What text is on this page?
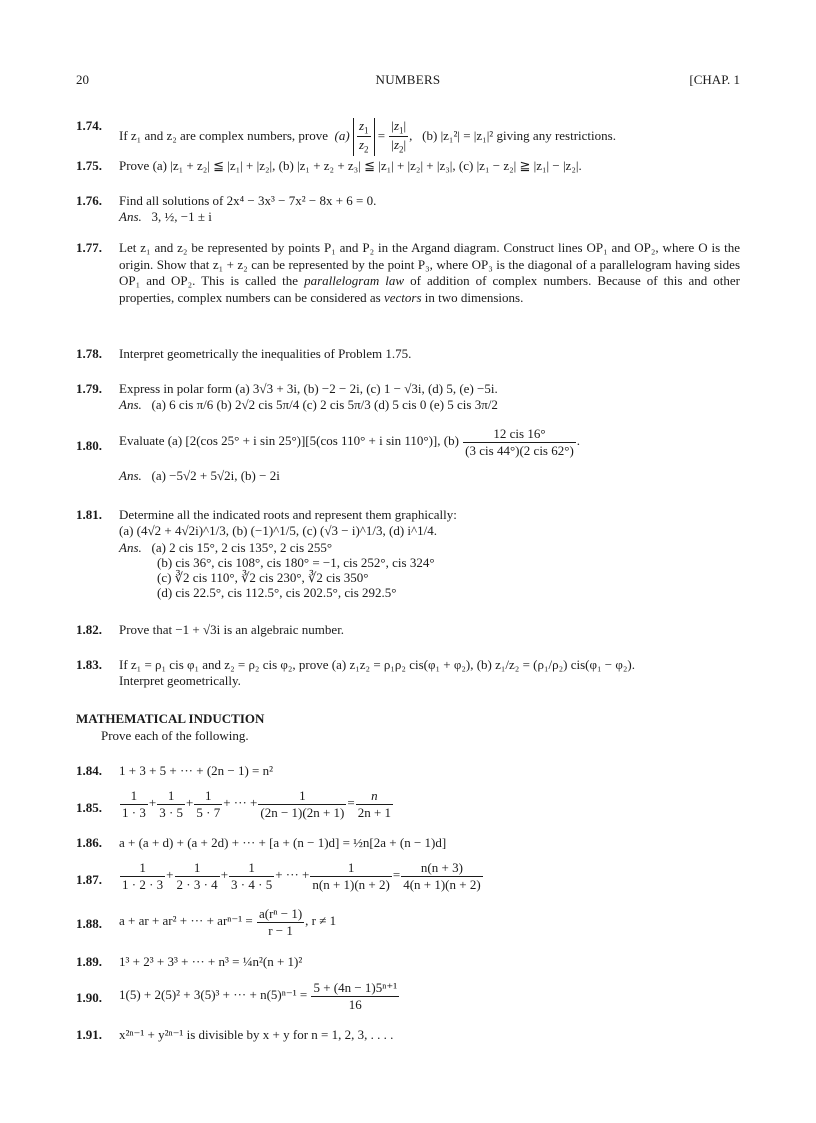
20	NUMBERS	[CHAP. 1
1.74.
If z₁ and z₂ are complex numbers, prove $(a) \frac{z_1}{z_2} = \frac{|z_1|}{|z_2|}$ ,   (b) |z₁²| = |z₁|² giving any restrictions.
1.75. Prove (a) |z₁ + z₂| ≦ |z₁| + |z₂|, (b) |z₁ + z₂ + z₃| ≦ |z₁| + |z₂| + |z₃|, (c) |z₁ − z₂| ≧ |z₁| − |z₂|.
1.76. Find all solutions of 2x⁴ − 3x³ − 7x² − 8x + 6 = 0.
Ans. 3, ½, −1 ± i
1.77. Let z₁ and z₂ be represented by points P₁ and P₂ in the Argand diagram. Construct lines OP₁ and OP₂, where O is the origin. Show that z₁ + z₂ can be represented by the point P₃, where OP₃ is the diagonal of a parallelogram having sides OP₁ and OP₂. This is called the parallelogram law of addition of complex numbers. Because of this and other properties, complex numbers can be considered as vectors in two dimensions.
1.78. Interpret geometrically the inequalities of Problem 1.75.
1.79. Express in polar form (a) 3√3 + 3i, (b) −2 − 2i, (c) 1 − √3i, (d) 5, (e) −5i.
Ans. (a) 6 cis π/6 (b) 2√2 cis 5π/4 (c) 2 cis 5π/3 (d) 5 cis 0 (e) 5 cis 3π/2
1.80. Evaluate (a) [2(cos 25° + i sin 25°)][5(cos 110° + i sin 110°)], $(b) \frac{\text{12 cis 16°}}{\text{(3 cis 44°)(2 cis 62°)}}$ .
Ans. (a) −5√2 + 5√2i, (b) − 2i
1.81. Determine all the indicated roots and represent them graphically:
(a) (4√2 + 4√2i)^1/3, (b) (−1)^1/5, (c) (√3 − i)^1/3, (d) i^1/4.
Ans. (a) 2 cis 15°, 2 cis 135°, 2 cis 255°
(b) cis 36°, cis 108°, cis 180° = −1, cis 252°, cis 324°
(c) ∛2 cis 110°, ∛2 cis 230°, ∛2 cis 350°
(d) cis 22.5°, cis 112.5°, cis 202.5°, cis 292.5°
1.82. Prove that −1 + √3i is an algebraic number.
1.83. If z₁ = ρ₁ cis φ₁ and z₂ = ρ₂ cis φ₂, prove (a) z₁z₂ = ρ₁ρ₂ cis(φ₁ + φ₂), (b) z₁/z₂ = (ρ₁/ρ₂) cis(φ₁ − φ₂).
Interpret geometrically.
MATHEMATICAL INDUCTION
Prove each of the following.
1.84. 1 + 3 + 5 + ··· + (2n − 1) = n²
1.85. $\frac{1}{1 \cdot 3} + \frac{1}{3 \cdot 5} + \frac{1}{5 \cdot 7}$ + ··· + $\frac{1}{(2n - 1)(2n + 1)} = \frac{n}{2n + 1}$
1.86. a + (a + d) + (a + 2d) + ··· + [a + (n − 1)d] = ½n[2a + (n − 1)d]
1.87. $\frac{1}{1 \cdot 2 \cdot 3} + \frac{1}{2 \cdot 3 \cdot 4} + \frac{1}{3 \cdot 4 \cdot 5}$ + ··· + $\frac{1}{n(n + 1)(n + 2)} = \frac{n(n + 3)}{4(n + 1)(n + 2)}$
1.88. a + ar + ar² + ··· + $ar^{n-1} = \frac{\text{a(rⁿ − 1)}}{r - 1}$ , r ≠ 1
1.89. 1³ + 2³ + 3³ + ··· + n³ = ¼n²(n + 1)²
1.90. 1(5) + 2(5)² + 3(5)³ + ··· + $n(5)^{n-1} = \frac{\text{5 + (4n − 1)5ⁿ⁺¹}}{16}$
1.91. x²ⁿ⁻¹ + y²ⁿ⁻¹ is divisible by x + y for n = 1, 2, 3, . . . .
